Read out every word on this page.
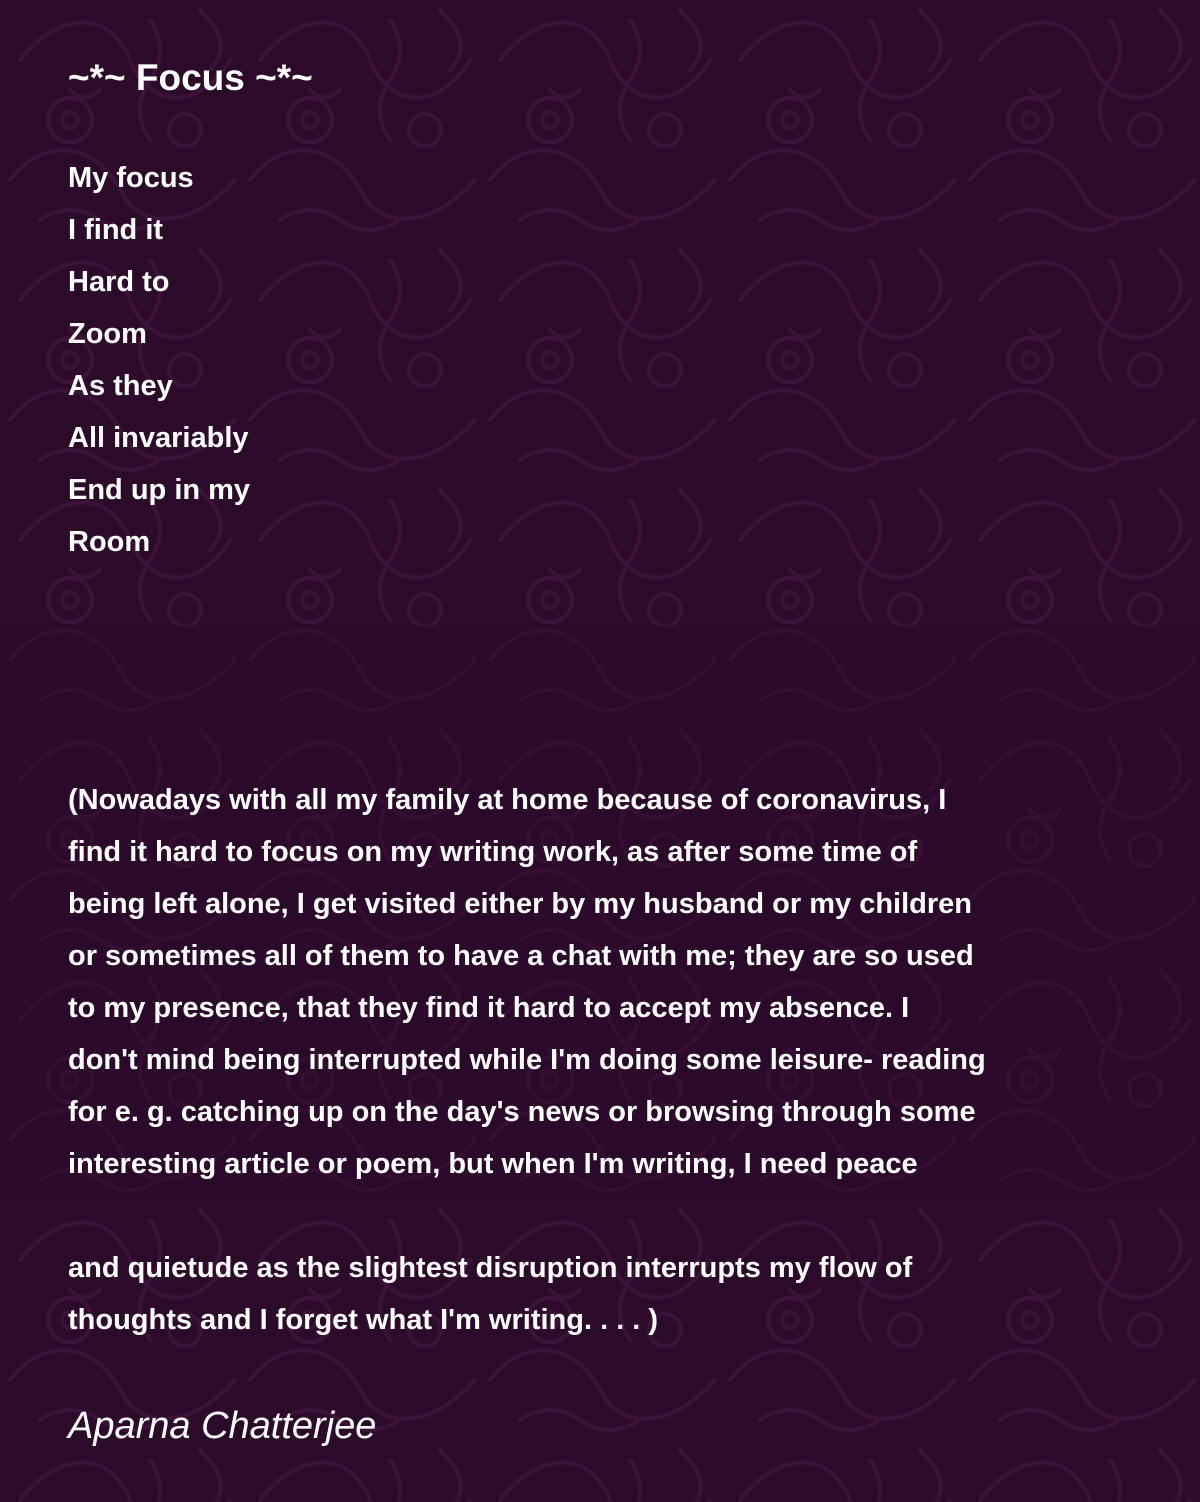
~*~ Focus ~*~
My focus
I find it
Hard to
Zoom
As they
All invariably
End up in my
Room
(Nowadays with all my family at home because of coronavirus, I
find it hard to focus on my writing work, as after some time of
being left alone, I get visited either by my husband or my children
or sometimes all of them to have a chat with me; they are so used
to my presence, that they find it hard to accept my absence. I
don't mind being interrupted while I'm doing some leisure- reading
for e. g. catching up on the day's news or browsing through some
interesting article or poem, but when I'm writing, I need peace
and quietude as the slightest disruption interrupts my flow of
thoughts and I forget what I'm writing. . . . )

Aparna Chatterjee
